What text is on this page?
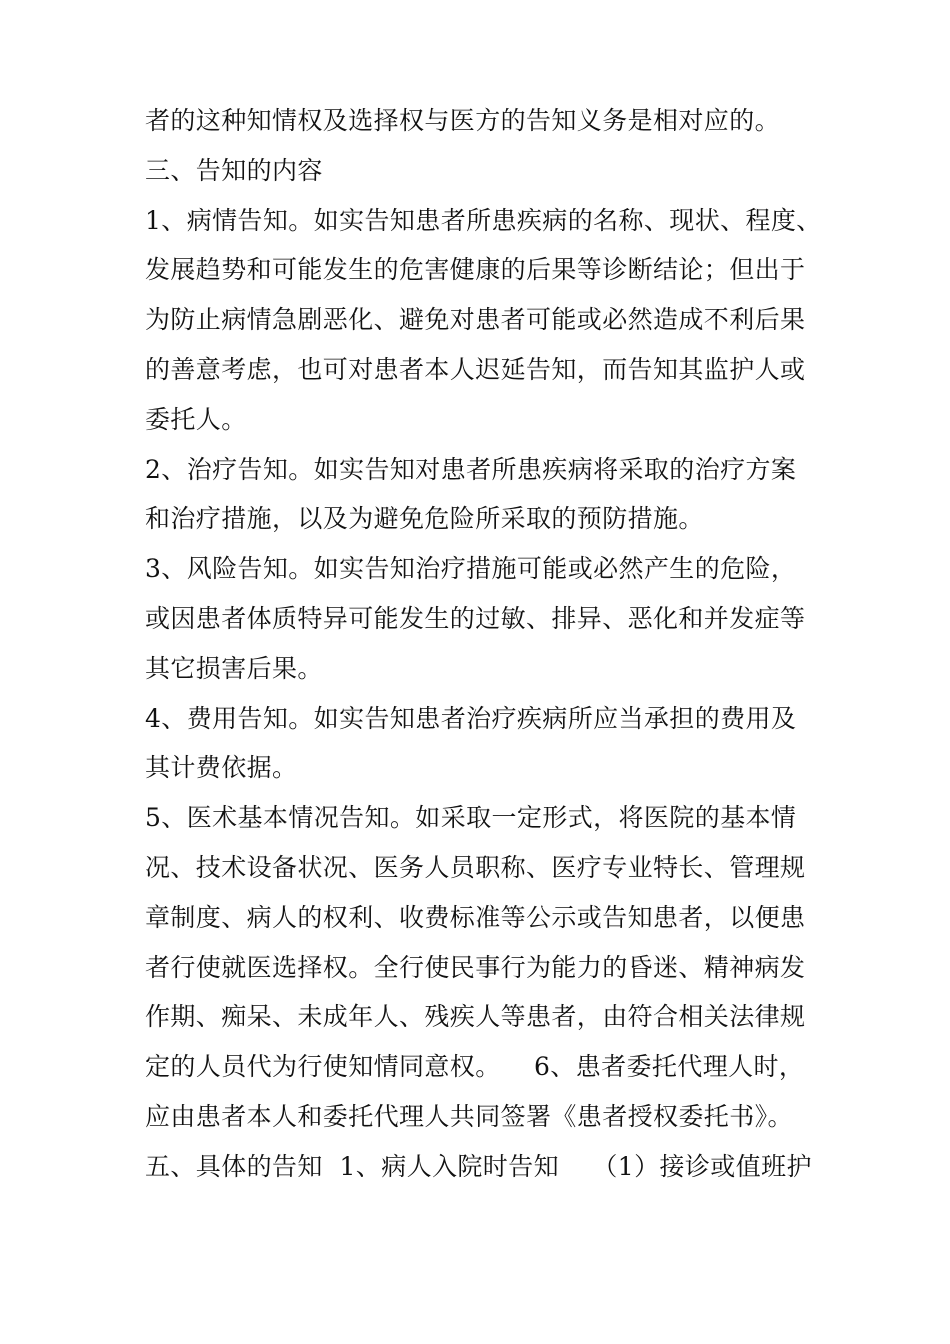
者的这种知情权及选择权与医方的告知义务是相对应的。
三、告知的内容
1、病情告知。如实告知患者所患疾病的名称、现状、程度、
发展趋势和可能发生的危害健康的后果等诊断结论；但出于
为防止病情急剧恶化、避免对患者可能或必然造成不利后果
的善意考虑，也可对患者本人迟延告知，而告知其监护人或
委托人。
2、治疗告知。如实告知对患者所患疾病将采取的治疗方案
和治疗措施，以及为避免危险所采取的预防措施。
3、风险告知。如实告知治疗措施可能或必然产生的危险，
或因患者体质特异可能发生的过敏、排异、恶化和并发症等
其它损害后果。
4、费用告知。如实告知患者治疗疾病所应当承担的费用及
其计费依据。
5、医术基本情况告知。如采取一定形式，将医院的基本情
况、技术设备状况、医务人员职称、医疗专业特长、管理规
章制度、病人的权利、收费标准等公示或告知患者，以便患
者行使就医选择权。全行使民事行为能力的昏迷、精神病发
作期、痴呆、未成年人、残疾人等患者，由符合相关法律规
定的人员代为行使知情同意权。    6、患者委托代理人时，
应由患者本人和委托代理人共同签署《患者授权委托书》。
五、具体的告知  1、病人入院时告知    （1）接诊或值班护
